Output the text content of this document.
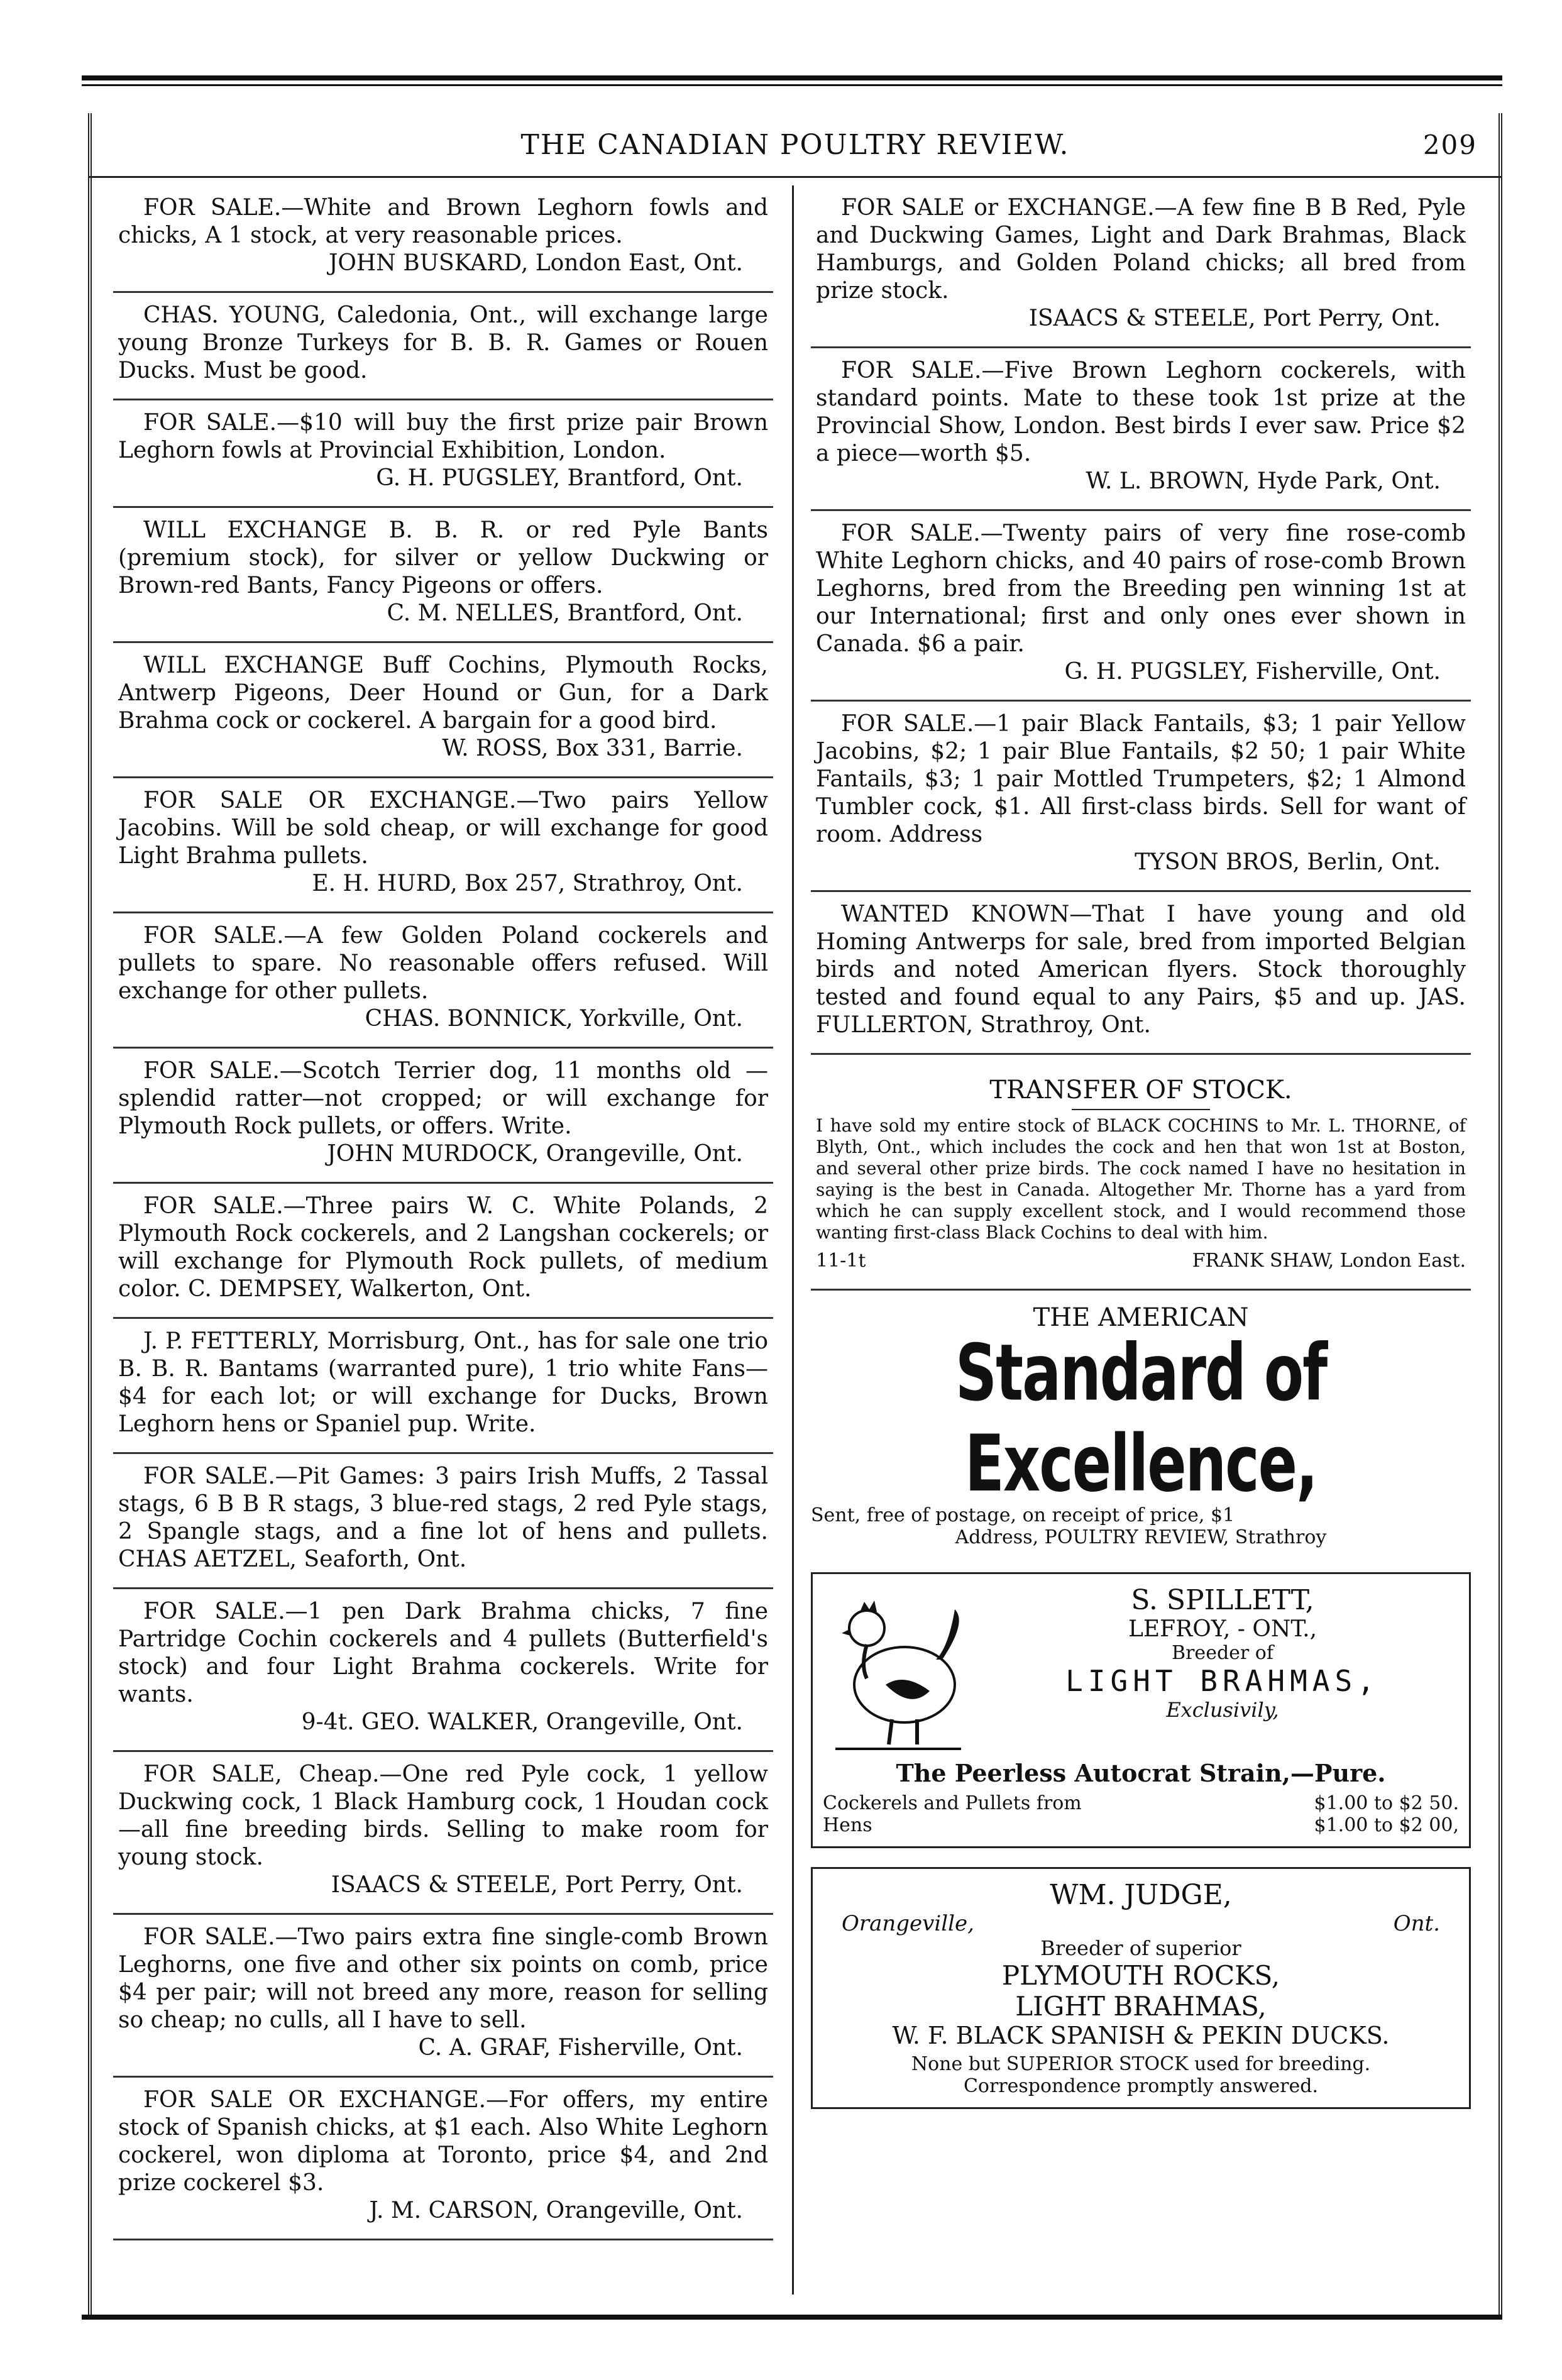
THE CANADIAN POULTRY REVIEW.	209

FOR SALE.—White and Brown Leghorn fowls and chicks, A 1 stock, at very reasonable prices.

JOHN BUSKARD, London East, Ont.

CHAS. YOUNG, Caledonia, Ont., will exchange large young Bronze Turkeys for B. B. R. Games or Rouen Ducks. Must be good.

FOR SALE.—$10 will buy the first prize pair Brown Leghorn fowls at Provincial Exhibition, London.

G. H. PUGSLEY, Brantford, Ont.

WILL EXCHANGE B. B. R. or red Pyle Bants (premium stock), for silver or yellow Duckwing or Brown-red Bants, Fancy Pigeons or offers.

C. M. NELLES, Brantford, Ont.

WILL EXCHANGE Buff Cochins, Plymouth Rocks, Antwerp Pigeons, Deer Hound or Gun, for a Dark Brahma cock or cockerel. A bargain for a good bird.

W. ROSS, Box 331, Barrie.

FOR SALE OR EXCHANGE.—Two pairs Yellow Jacobins. Will be sold cheap, or will exchange for good Light Brahma pullets.

E. H. HURD, Box 257, Strathroy, Ont.

FOR SALE.—A few Golden Poland cockerels and pullets to spare. No reasonable offers refused. Will exchange for other pullets.

CHAS. BONNICK, Yorkville, Ont.

FOR SALE.—Scotch Terrier dog, 11 months old —splendid ratter—not cropped; or will exchange for Plymouth Rock pullets, or offers. Write.

JOHN MURDOCK, Orangeville, Ont.

FOR SALE.—Three pairs W. C. White Polands, 2 Plymouth Rock cockerels, and 2 Langshan cockerels; or will exchange for Plymouth Rock pullets, of medium color. C. DEMPSEY, Walkerton, Ont.

J. P. FETTERLY, Morrisburg, Ont., has for sale one trio B. B. R. Bantams (warranted pure), 1 trio white Fans—$4 for each lot; or will exchange for Ducks, Brown Leghorn hens or Spaniel pup. Write.

FOR SALE.—Pit Games: 3 pairs Irish Muffs, 2 Tassal stags, 6 B B R stags, 3 blue-red stags, 2 red Pyle stags, 2 Spangle stags, and a fine lot of hens and pullets. CHAS AETZEL, Seaforth, Ont.

FOR SALE.—1 pen Dark Brahma chicks, 7 fine Partridge Cochin cockerels and 4 pullets (Butterfield's stock) and four Light Brahma cockerels. Write for wants.

9-4t. GEO. WALKER, Orangeville, Ont.

FOR SALE, Cheap.—One red Pyle cock, 1 yellow Duckwing cock, 1 Black Hamburg cock, 1 Houdan cock—all fine breeding birds. Selling to make room for young stock.

ISAACS & STEELE, Port Perry, Ont.

FOR SALE.—Two pairs extra fine single-comb Brown Leghorns, one five and other six points on comb, price $4 per pair; will not breed any more, reason for selling so cheap; no culls, all I have to sell.

C. A. GRAF, Fisherville, Ont.

FOR SALE OR EXCHANGE.—For offers, my entire stock of Spanish chicks, at $1 each. Also White Leghorn cockerel, won diploma at Toronto, price $4, and 2nd prize cockerel $3.

J. M. CARSON, Orangeville, Ont.

FOR SALE or EXCHANGE.—A few fine B B Red, Pyle and Duckwing Games, Light and Dark Brahmas, Black Hamburgs, and Golden Poland chicks; all bred from prize stock.

ISAACS & STEELE, Port Perry, Ont.

FOR SALE.—Five Brown Leghorn cockerels, with standard points. Mate to these took 1st prize at the Provincial Show, London. Best birds I ever saw. Price $2 a piece—worth $5.

W. L. BROWN, Hyde Park, Ont.

FOR SALE.—Twenty pairs of very fine rose-comb White Leghorn chicks, and 40 pairs of rose-comb Brown Leghorns, bred from the Breeding pen winning 1st at our International; first and only ones ever shown in Canada. $6 a pair.

G. H. PUGSLEY, Fisherville, Ont.

FOR SALE.—1 pair Black Fantails, $3; 1 pair Yellow Jacobins, $2; 1 pair Blue Fantails, $2 50; 1 pair White Fantails, $3; 1 pair Mottled Trumpeters, $2; 1 Almond Tumbler cock, $1. All first-class birds. Sell for want of room. Address

TYSON BROS, Berlin, Ont.

WANTED KNOWN—That I have young and old Homing Antwerps for sale, bred from imported Belgian birds and noted American flyers. Stock thoroughly tested and found equal to any Pairs, $5 and up. JAS. FULLERTON, Strathroy, Ont.

TRANSFER OF STOCK.
I have sold my entire stock of BLACK COCHINS to Mr. L. THORNE, of Blyth, Ont., which includes the cock and hen that won 1st at Boston, and several other prize birds. The cock named I have no hesitation in saying is the best in Canada. Altogether Mr. Thorne has a yard from which he can supply excellent stock, and I would recommend those wanting first-class Black Cochins to deal with him.
11-1t	FRANK SHAW, London East.
THE AMERICAN
Standard of Excellence,
Sent, free of postage, on receipt of price, $1
Address, POULTRY REVIEW, Strathroy
S. SPILLETT,
LEFROY, - ONT.,
Breeder of
LIGHT BRAHMAS,
Exclusivily,
The Peerless Autocrat Strain,—Pure.
Cockerels and Pullets from	$1.00 to $2 50.
Hens	$1.00 to $2 00,
WM. JUDGE,
Orangeville,	Ont.
Breeder of superior
PLYMOUTH ROCKS,
LIGHT BRAHMAS,
W. F. BLACK SPANISH & PEKIN DUCKS.
None but SUPERIOR STOCK used for breeding.
Correspondence promptly answered.
